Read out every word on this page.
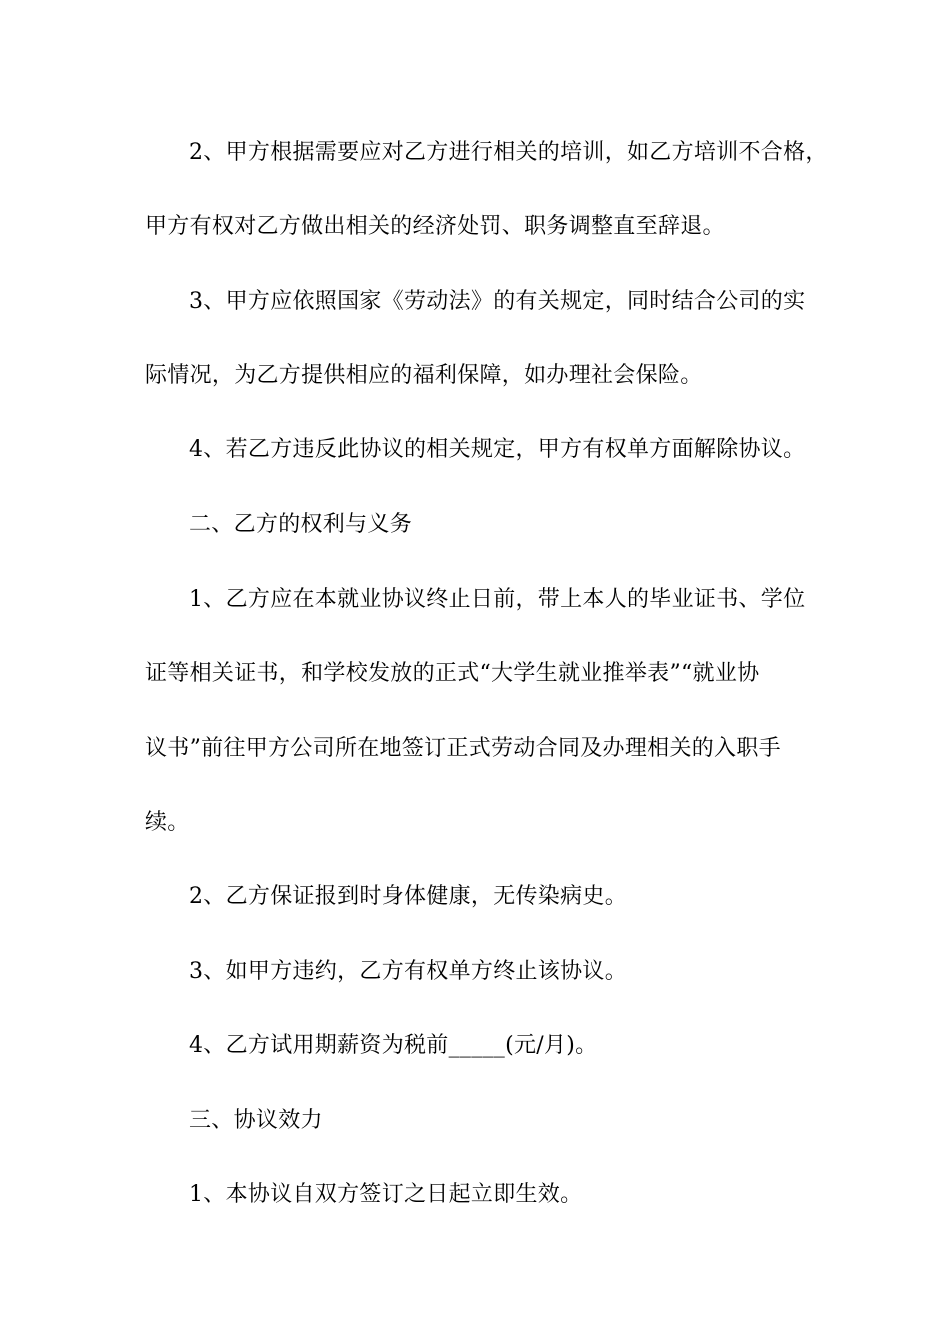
2、甲方根据需要应对乙方进行相关的培训，如乙方培训不合格，
甲方有权对乙方做出相关的经济处罚、职务调整直至辞退。
3、甲方应依照国家《劳动法》的有关规定，同时结合公司的实
际情况，为乙方提供相应的福利保障，如办理社会保险。
4、若乙方违反此协议的相关规定，甲方有权单方面解除协议。
二、乙方的权利与义务
1、乙方应在本就业协议终止日前，带上本人的毕业证书、学位
证等相关证书，和学校发放的正式“大学生就业推举表”“就业协
议书”前往甲方公司所在地签订正式劳动合同及办理相关的入职手
续。
2、乙方保证报到时身体健康，无传染病史。
3、如甲方违约，乙方有权单方终止该协议。
4、乙方试用期薪资为税前_____(元/月)。
三、协议效力
1、本协议自双方签订之日起立即生效。
